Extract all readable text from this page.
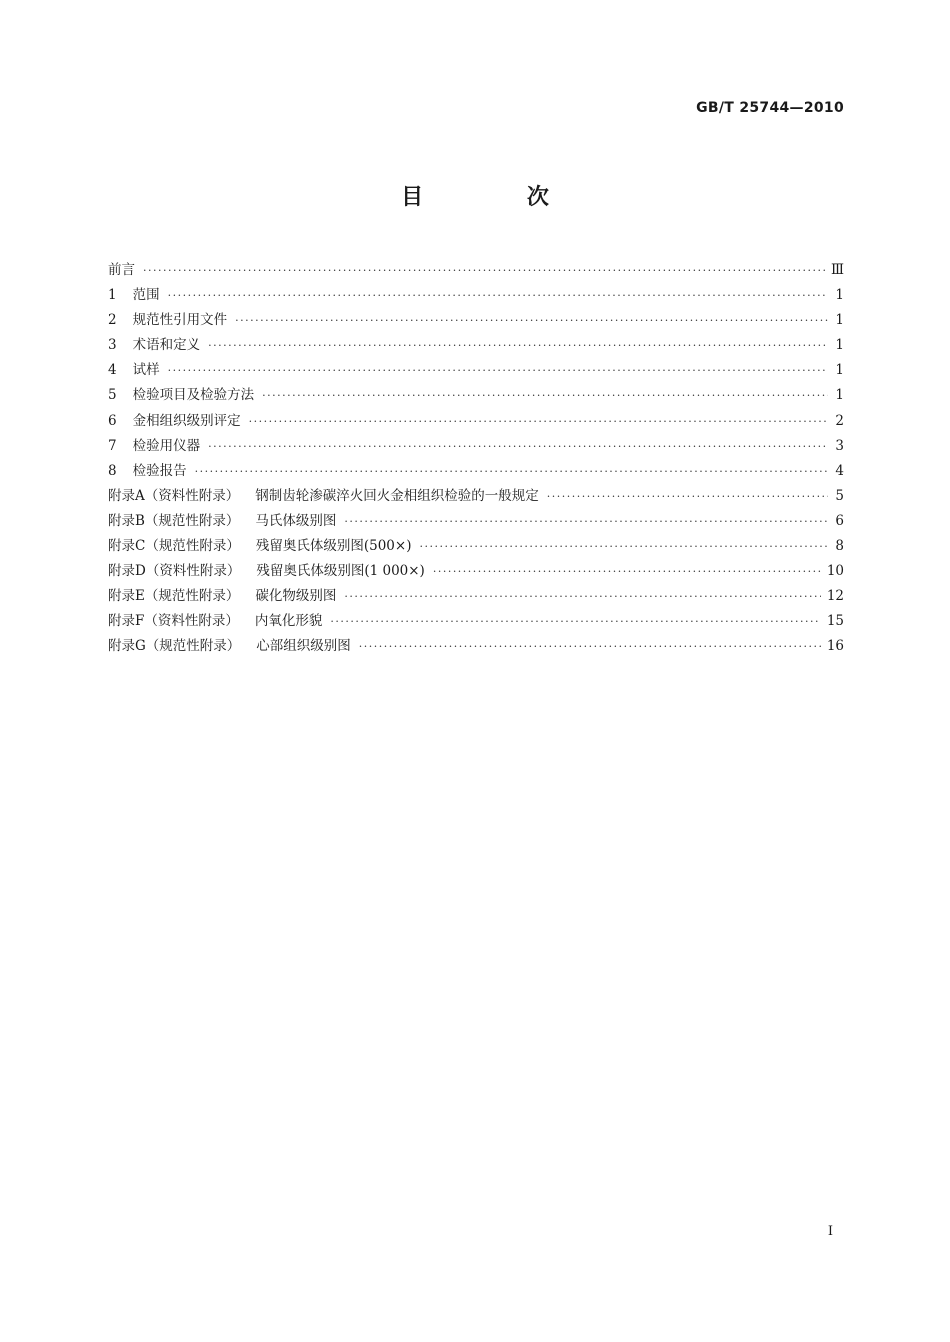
GB/T 25744—2010
目 次
前言 ·····	Ⅲ
1 范围 ·····	1
2 规范性引用文件 ·····	1
3 术语和定义 ·····	1
4 试样 ·····	1
5 检验项目及检验方法 ·····	1
6 金相组织级别评定 ·····	2
7 检验用仪器 ·····	3
8 检验报告 ·····	4
附录A（资料性附录） 钢制齿轮渗碳淬火回火金相组织检验的一般规定 ·····	5
附录B（规范性附录） 马氏体级别图 ·····	6
附录C（规范性附录） 残留奥氏体级别图(500×) ·····	8
附录D（资料性附录） 残留奥氏体级别图(1 000×) ·····	10
附录E（规范性附录） 碳化物级别图 ·····	12
附录F（资料性附录） 内氧化形貌 ·····	15
附录G（规范性附录） 心部组织级别图 ·····	16
Ⅰ
